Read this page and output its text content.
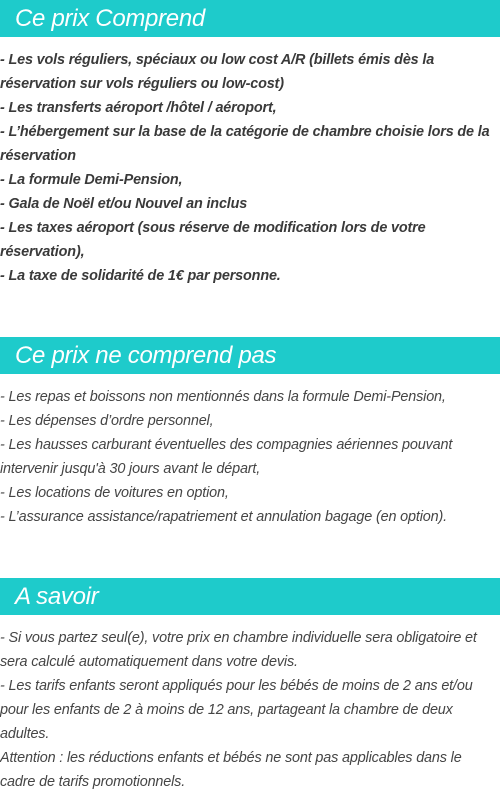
Ce prix Comprend

- Les vols réguliers, spéciaux ou low cost A/R (billets émis dès la réservation sur vols réguliers ou low-cost)

- Les transferts aéroport /hôtel / aéroport,

- L’hébergement sur la base de la catégorie de chambre choisie lors de la réservation

- La formule Demi-Pension,

- Gala de Noël et/ou Nouvel an inclus

- Les taxes aéroport (sous réserve de modification lors de votre réservation),

- La taxe de solidarité de 1€ par personne.

Ce prix ne comprend pas

- Les repas et boissons non mentionnés dans la formule Demi-Pension,

- Les dépenses d’ordre personnel,

- Les hausses carburant éventuelles des compagnies aériennes pouvant intervenir jusqu'à 30 jours avant le départ,

- Les locations de voitures en option,

- L’assurance assistance/rapatriement et annulation bagage (en option).

A savoir

- Si vous partez seul(e), votre prix en chambre individuelle sera obligatoire et sera calculé automatiquement dans votre devis.

- Les tarifs enfants seront appliqués pour les bébés de moins de 2 ans et/ou pour les enfants de 2 à moins de 12 ans, partageant la chambre de deux adultes.

Attention : les réductions enfants et bébés ne sont pas applicables dans le cadre de tarifs promotionnels.
